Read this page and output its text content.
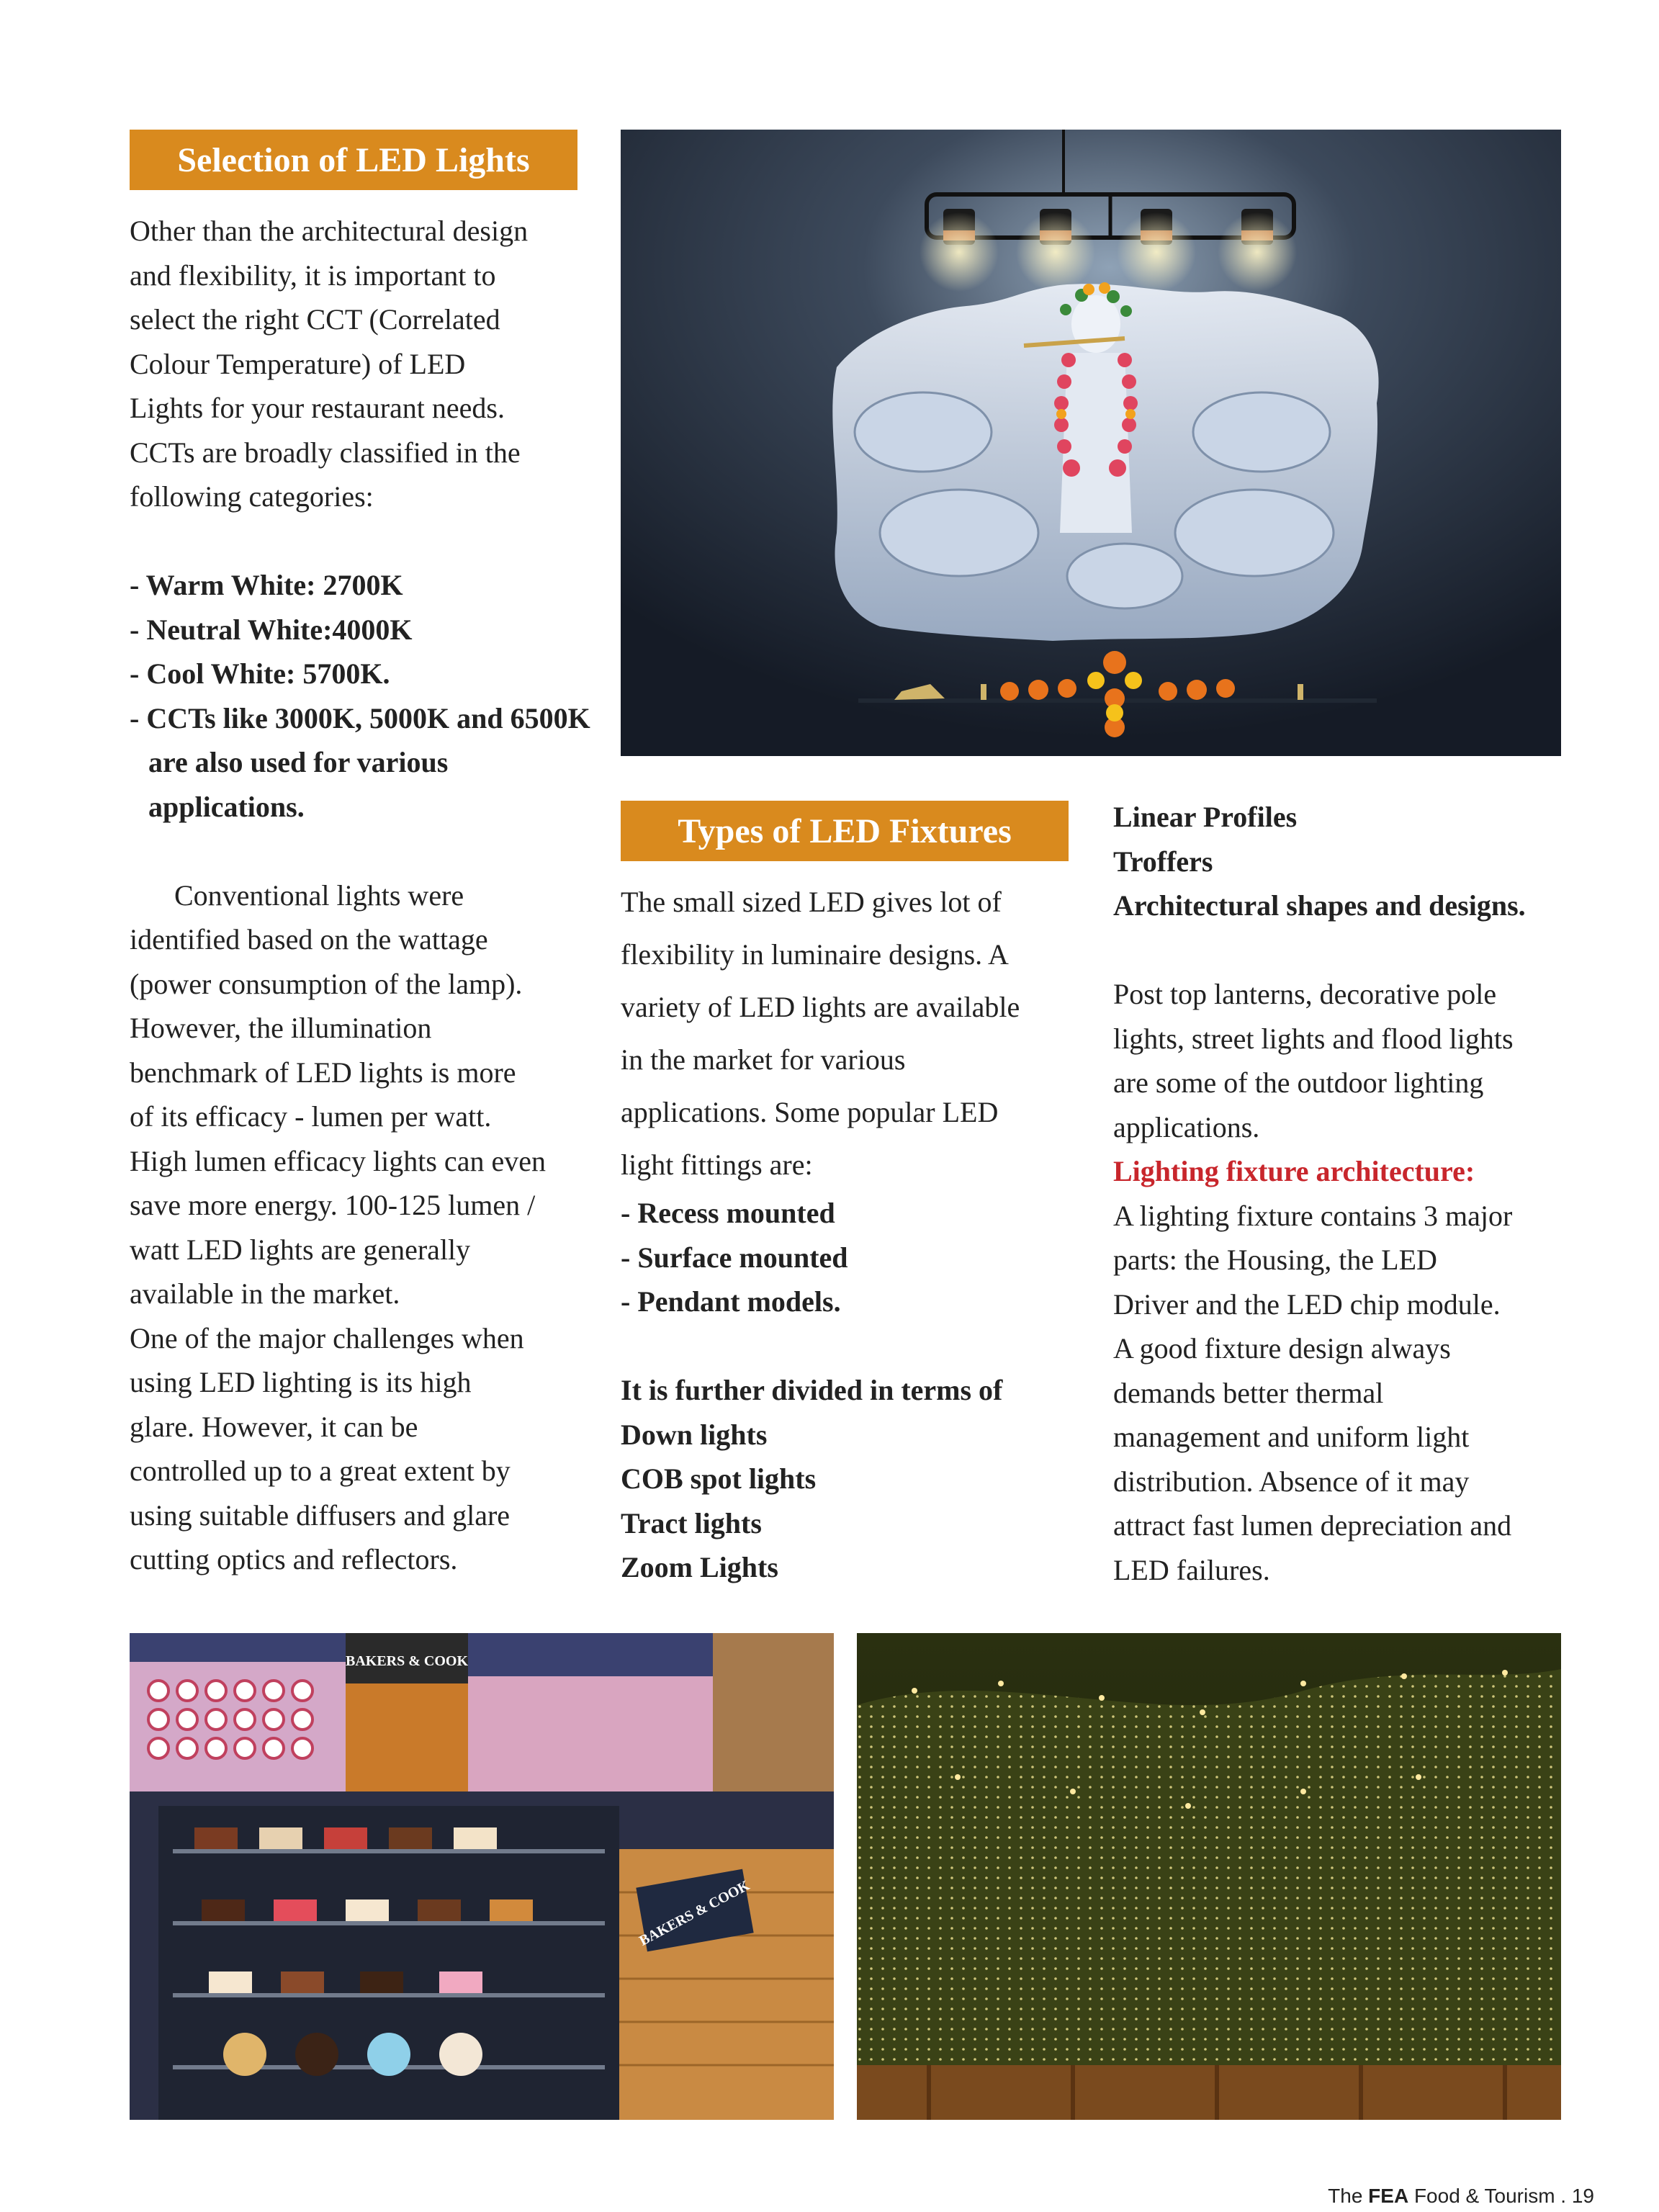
Selection of LED Lights

Other than the architectural design

and flexibility, it is important to

select the right CCT (Correlated

Colour Temperature) of LED

Lights for your restaurant needs.

CCTs are broadly classified in the

following categories:

- Warm White: 2700K

- Neutral White:4000K

- Cool White: 5700K.

- CCTs like 3000K, 5000K and 6500K are also used for various applications.

Conventional lights were

identified based on the wattage

(power consumption of the lamp).

However, the illumination

benchmark of LED lights is more

of its efficacy - lumen per watt.

High lumen efficacy lights can even

save more energy. 100-125 lumen /

watt LED lights are generally

available in the market.

One of the major challenges when

using LED lighting is its high

glare. However, it can be

controlled up to a great extent by

using suitable diffusers and glare

cutting optics and reflectors.

Types of LED Fixtures

The small sized LED gives lot of

flexibility in luminaire designs. A

variety of LED lights are available

in the market for various

applications. Some popular LED

light fittings are:

- Recess mounted

- Surface mounted

- Pendant models.

It is further divided in terms of

Down lights

COB spot lights

Tract lights

Zoom Lights

Linear Profiles

Troffers

Architectural shapes and designs.

Post top lanterns, decorative pole

lights, street lights and flood lights

are some of the outdoor lighting

applications.

Lighting fixture architecture:

A lighting fixture contains 3 major

parts: the Housing, the LED

Driver and the LED chip module.

A good fixture design always

demands better thermal

management and uniform light

distribution. Absence of it may

attract fast lumen depreciation and

LED failures.

BAKERS & COOK
BAKERS & COOK
The FEA Food & Tourism . 19
